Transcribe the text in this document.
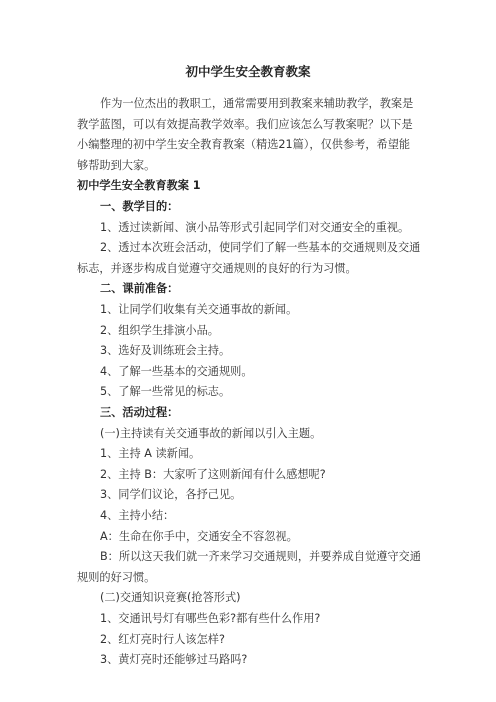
初中学生安全教育教案
作为一位杰出的教职工，通常需要用到教案来辅助教学，教案是
教学蓝图，可以有效提高教学效率。我们应该怎么写教案呢？以下是
小编整理的初中学生安全教育教案（精选21篇），仅供参考，希望能
够帮助到大家。
初中学生安全教育教案 1
一、教学目的：
1、透过读新闻、演小品等形式引起同学们对交通安全的重视。
2、透过本次班会活动，使同学们了解一些基本的交通规则及交通
标志，并逐步构成自觉遵守交通规则的良好的行为习惯。
二、课前准备：
1、让同学们收集有关交通事故的新闻。
2、组织学生排演小品。
3、选好及训练班会主持。
4、了解一些基本的交通规则。
5、了解一些常见的标志。
三、活动过程：
(一)主持读有关交通事故的新闻以引入主题。
1、主持 A 读新闻。
2、主持 B：大家听了这则新闻有什么感想呢?
3、同学们议论，各抒己见。
4、主持小结：
A：生命在你手中，交通安全不容忽视。
B：所以这天我们就一齐来学习交通规则，并要养成自觉遵守交通
规则的好习惯。
(二)交通知识竞赛(抢答形式)
1、交通讯号灯有哪些色彩?都有些什么作用?
2、红灯亮时行人该怎样?
3、黄灯亮时还能够过马路吗?
